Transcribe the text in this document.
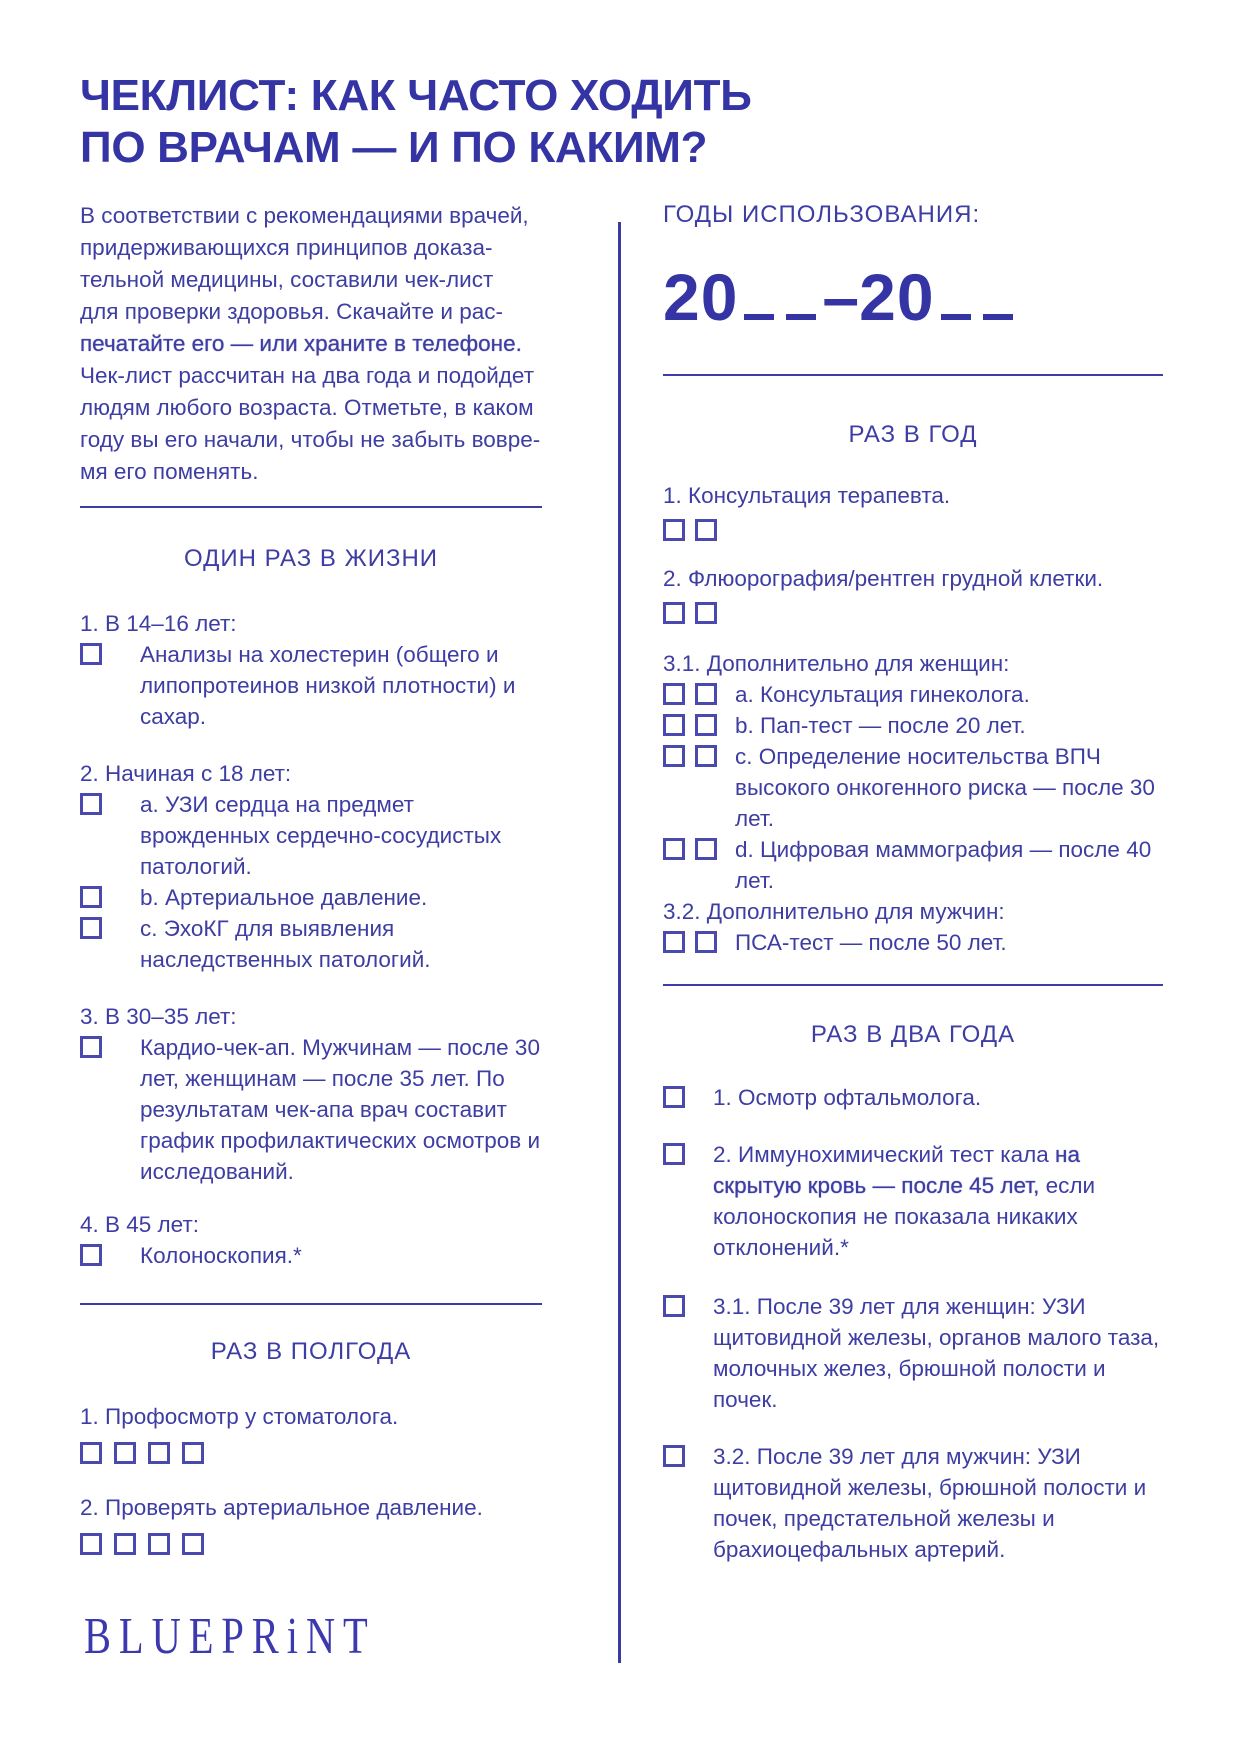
ЧЕКЛИСТ: КАК ЧАСТО ХОДИТЬ
ПО ВРАЧАМ — И ПО КАКИМ?
В соответствии с рекомендациями врачей,
придерживающихся принципов доказа-
тельной медицины, составили чек-лист
для проверки здоровья. Скачайте и рас-
печатайте его — или храните в телефоне.
Чек-лист рассчитан на два года и подойдет
людям любого возраста. Отметьте, в каком
году вы его начали, чтобы не забыть вовре-
мя его поменять.
ОДИН РАЗ В ЖИЗНИ
1. В 14–16 лет:
Анализы на холестерин (общего и липопротеинов низкой плотности) и сахар.
2. Начиная с 18 лет:
a. УЗИ сердца на предмет врожденных сердечно-сосудистых патологий.
b. Артериальное давление.
c. ЭхоКГ для выявления наследственных патологий.
3. В 30–35 лет:
Кардио-чек-ап. Мужчинам — после 30 лет, женщинам — после 35 лет. По результатам чек-апа врач составит график профилактических осмотров и исследований.
4. В 45 лет:
Колоноскопия.*
РАЗ В ПОЛГОДА
1. Профосмотр у стоматолога.
2. Проверять артериальное давление.
ГОДЫ ИСПОЛЬЗОВАНИЯ:
20 –20
РАЗ В ГОД
1. Консультация терапевта.
2. Флюорография/рентген грудной клетки.
3.1. Дополнительно для женщин:
a. Консультация гинеколога.
b. Пап-тест — после 20 лет.
c. Определение носительства ВПЧ высокого онкогенного риска — после 30 лет.
d. Цифровая маммография — после 40 лет.
3.2. Дополнительно для мужчин:
ПСА-тест — после 50 лет.
РАЗ В ДВА ГОДА
1. Осмотр офтальмолога.
2. Иммунохимический тест кала на скрытую кровь — после 45 лет, если колоноскопия не показала никаких отклонений.*
3.1. После 39 лет для женщин: УЗИ щитовидной железы, органов малого таза, молочных желез, брюшной полости и почек.
3.2. После 39 лет для мужчин: УЗИ щитовидной железы, брюшной полости и почек, предстательной железы и брахиоцефальных артерий.
BLUEPRiNT
